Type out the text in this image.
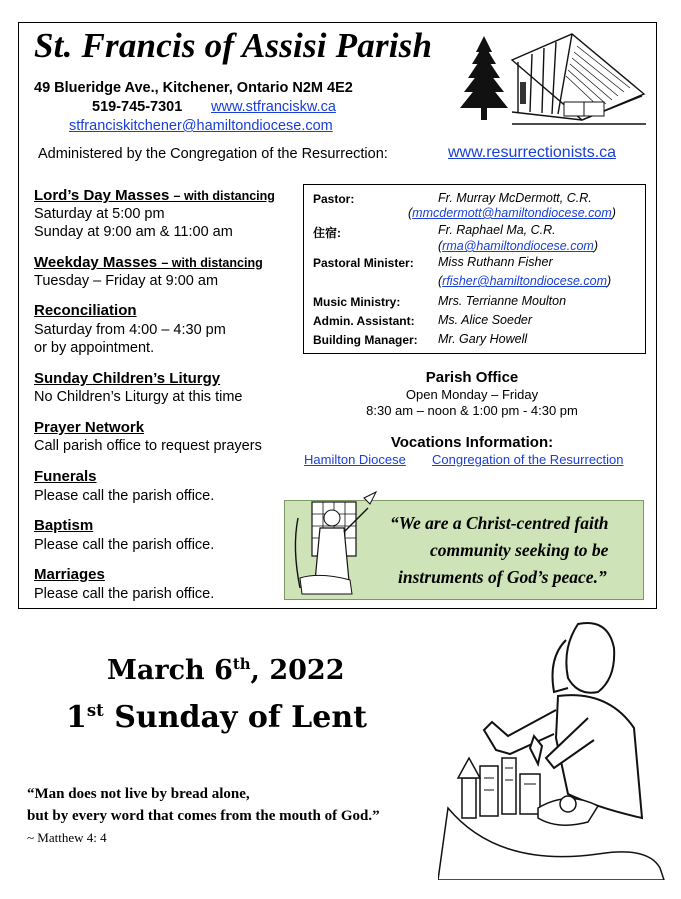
St. Francis of Assisi Parish
49 Blueridge Ave., Kitchener, Ontario N2M 4E2
519-745-7301 www.stfranciskw.ca
stfranciskitchener@hamiltondiocese.com
Administered by the Congregation of the Resurrection:	www.resurrectionists.ca
Lord’s Day Masses – with distancing
Saturday at 5:00 pm
Sunday at 9:00 am & 11:00 am
Weekday Masses – with distancing
Tuesday – Friday at 9:00 am
Reconciliation
Saturday from 4:00 – 4:30 pm
or by appointment.
Sunday Children’s Liturgy
No Children’s Liturgy at this time
Prayer Network
Call parish office to request prayers
Funerals
Please call the parish office.
Baptism
Please call the parish office.
Marriages
Please call the parish office.
Pastor:	Fr. Murray McDermott, C.R.
(mmcdermott@hamiltondiocese.com)
住宿:	Fr. Raphael Ma, C.R.
(rma@hamiltondiocese.com)
Pastoral Minister: Miss Ruthann Fisher
(rfisher@hamiltondiocese.com)
Music Ministry:	Mrs. Terrianne Moulton
Admin. Assistant: Ms. Alice Soeder
Building Manager: Mr. Gary Howell
Parish Office
Open Monday – Friday
8:30 am – noon & 1:00 pm - 4:30 pm
Vocations Information:
Hamilton Diocese Congregation of the Resurrection
“We are a Christ-centred faith
community seeking to be
instruments of God’s peace.”
March 6th, 2022
1st Sunday of Lent
“Man does not live by bread alone,
but by every word that comes from the mouth of God.”
~ Matthew 4: 4
